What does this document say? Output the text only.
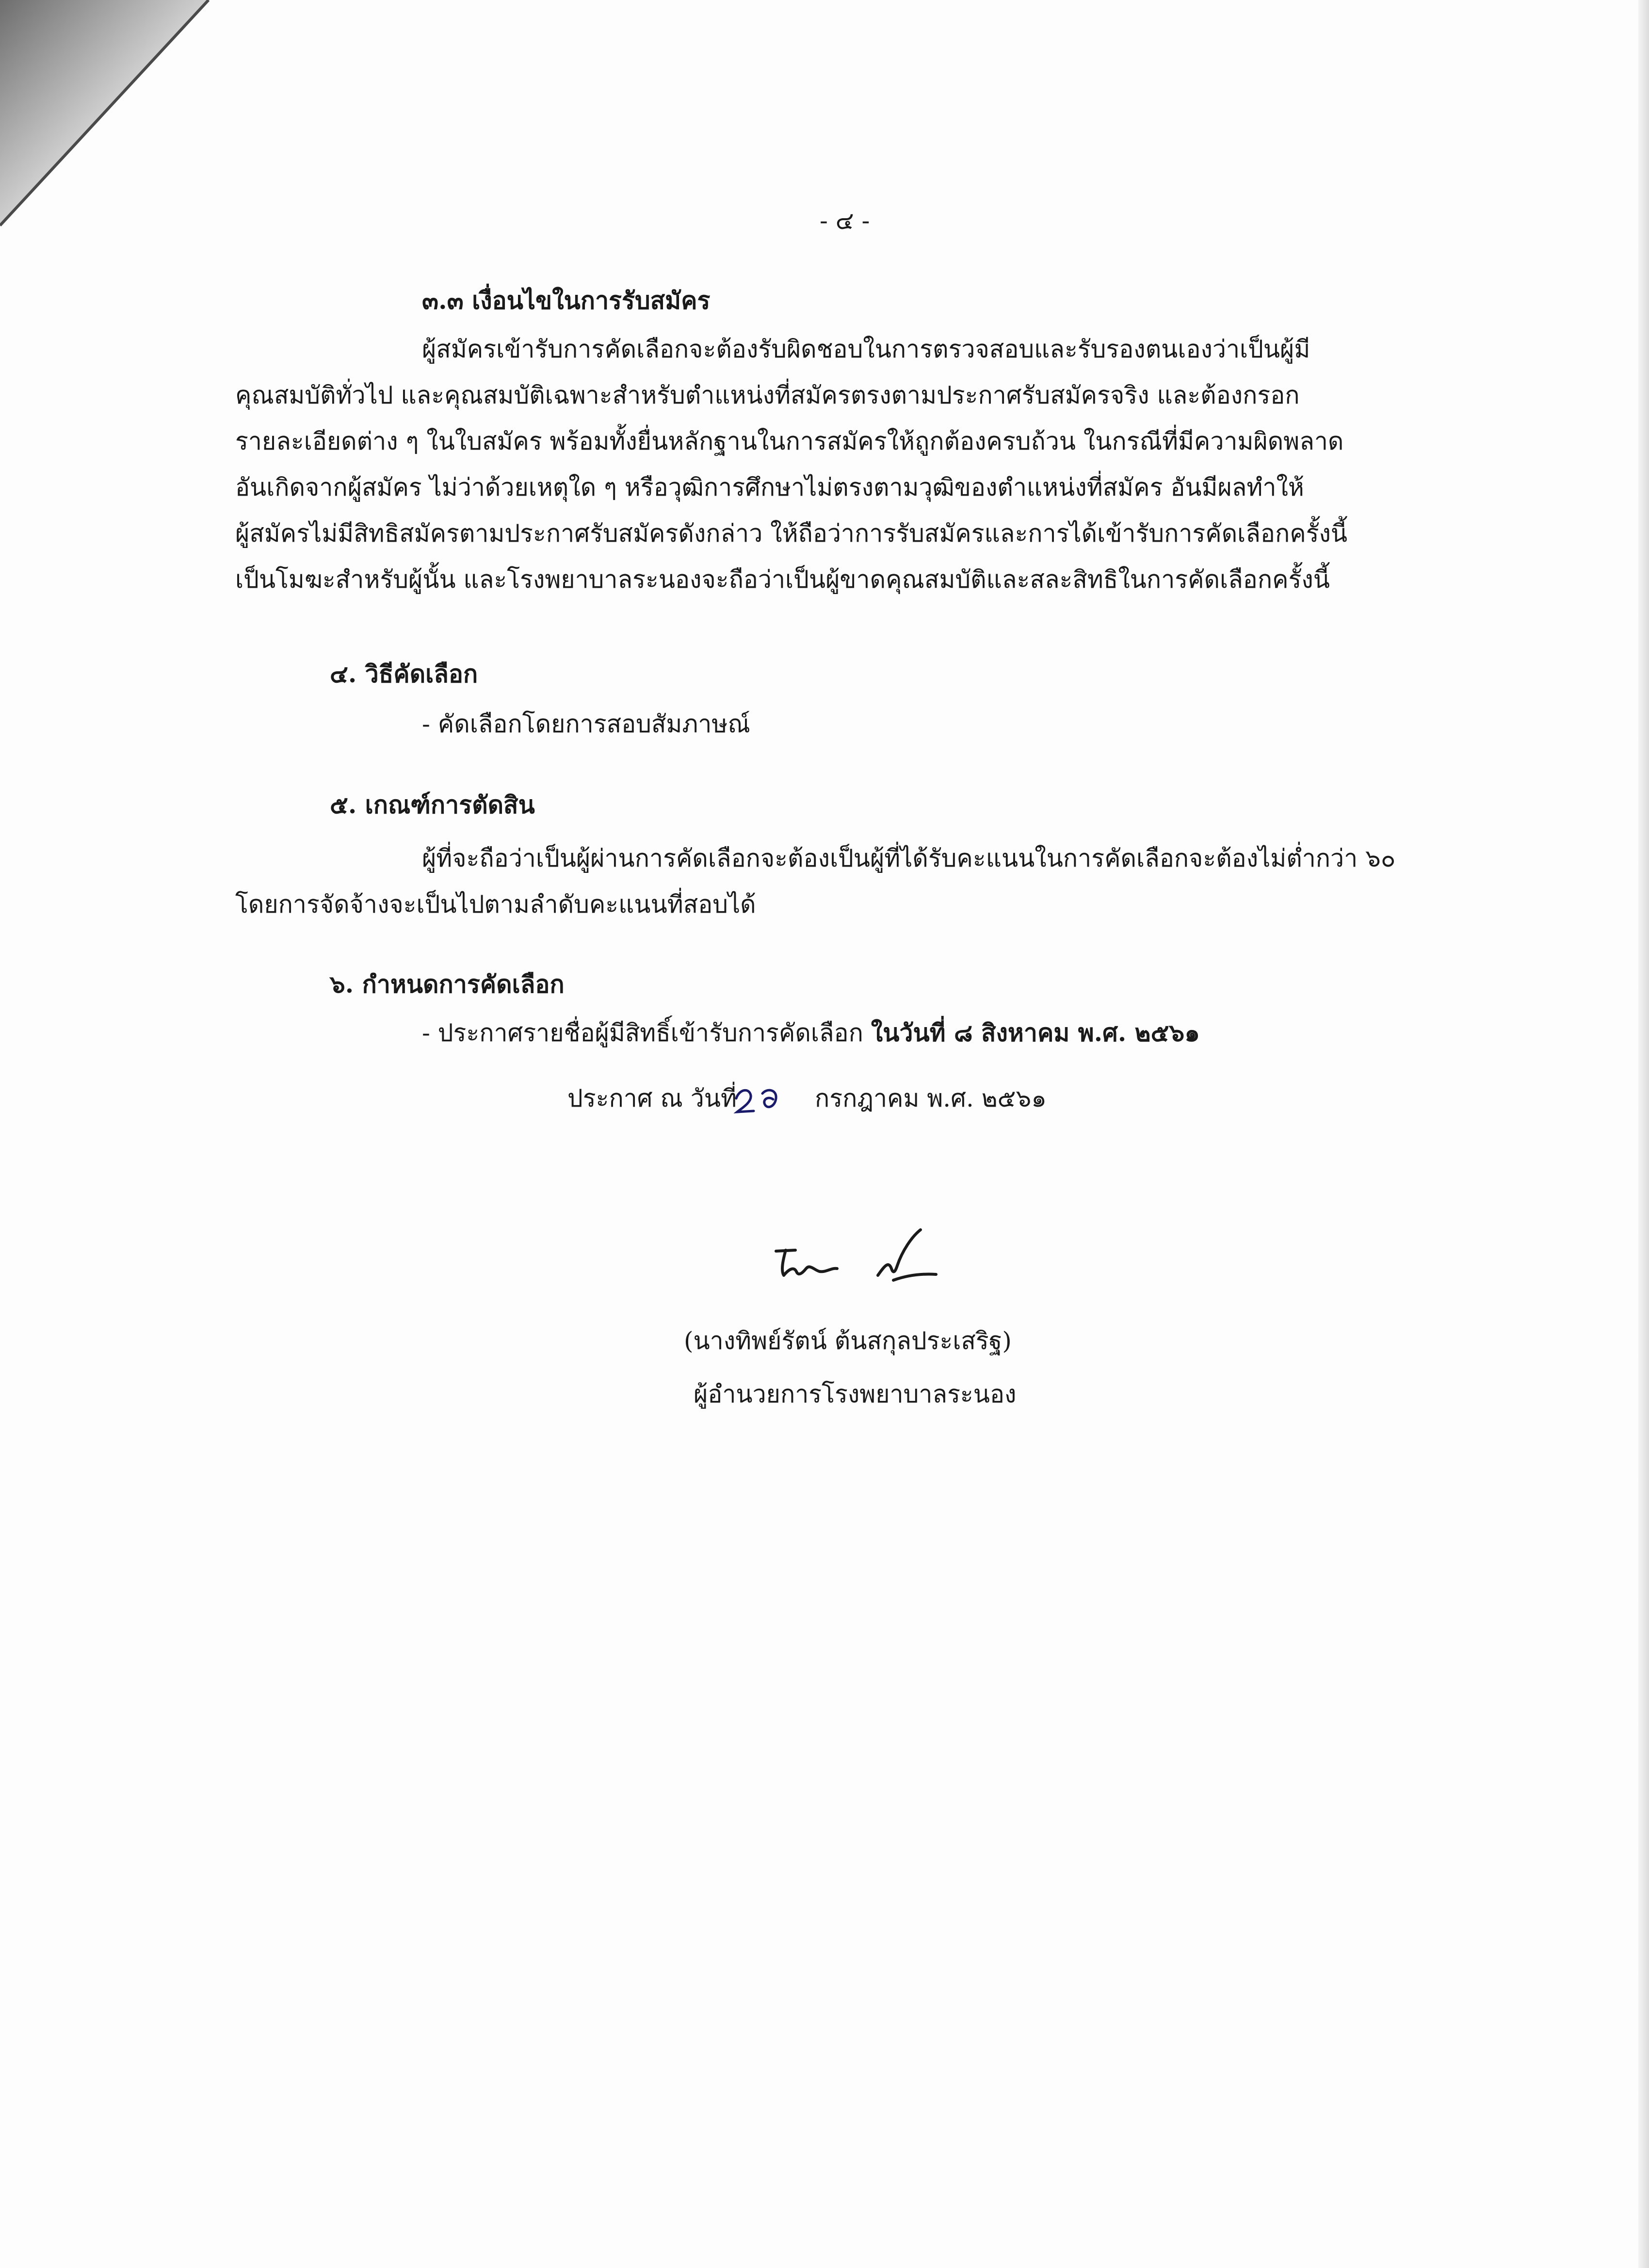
- ๔ -
๓.๓ เงื่อนไขในการรับสมัคร
ผู้สมัครเข้ารับการคัดเลือกจะต้องรับผิดชอบในการตรวจสอบและรับรองตนเองว่าเป็นผู้มี
คุณสมบัติทั่วไป และคุณสมบัติเฉพาะสำหรับตำแหน่งที่สมัครตรงตามประกาศรับสมัครจริง และต้องกรอก
รายละเอียดต่าง ๆ ในใบสมัคร พร้อมทั้งยื่นหลักฐานในการสมัครให้ถูกต้องครบถ้วน ในกรณีที่มีความผิดพลาด
อันเกิดจากผู้สมัคร ไม่ว่าด้วยเหตุใด ๆ หรือวุฒิการศึกษาไม่ตรงตามวุฒิของตำแหน่งที่สมัคร อันมีผลทำให้
ผู้สมัครไม่มีสิทธิสมัครตามประกาศรับสมัครดังกล่าว ให้ถือว่าการรับสมัครและการได้เข้ารับการคัดเลือกครั้งนี้
เป็นโมฆะสำหรับผู้นั้น และโรงพยาบาลระนองจะถือว่าเป็นผู้ขาดคุณสมบัติและสละสิทธิในการคัดเลือกครั้งนี้
๔. วิธีคัดเลือก
- คัดเลือกโดยการสอบสัมภาษณ์
๕. เกณฑ์การตัดสิน
ผู้ที่จะถือว่าเป็นผู้ผ่านการคัดเลือกจะต้องเป็นผู้ที่ได้รับคะแนนในการคัดเลือกจะต้องไม่ต่ำกว่า ๖๐
โดยการจัดจ้างจะเป็นไปตามลำดับคะแนนที่สอบได้
๖. กำหนดการคัดเลือก
- ประกาศรายชื่อผู้มีสิทธิ์เข้ารับการคัดเลือก ในวันที่ ๘ สิงหาคม พ.ศ. ๒๕๖๑
ประกาศ ณ วันที่	กรกฎาคม พ.ศ. ๒๕๖๑
(นางทิพย์รัตน์ ต้นสกุลประเสริฐ)
ผู้อำนวยการโรงพยาบาลระนอง
